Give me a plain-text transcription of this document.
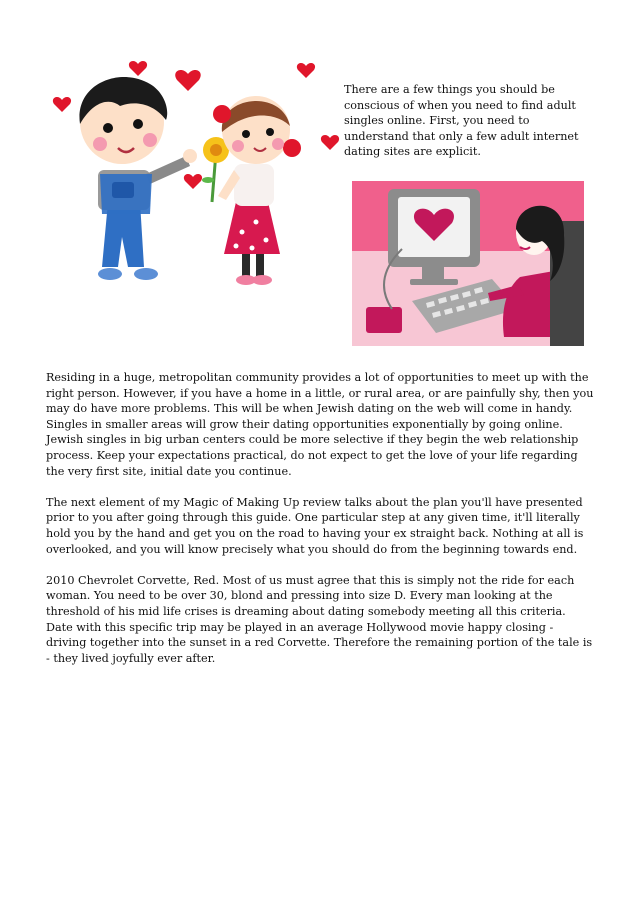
There are a few things you should be conscious of when you need to find adult singles online. First, you need to understand that only a few adult internet dating sites are explicit.

Residing in a huge, metropolitan community provides a lot of opportunities to meet up with the right person. However, if you have a home in a little, or rural area, or are painfully shy, then you may do have more problems. This will be when Jewish dating on the web will come in handy. Singles in smaller areas will grow their dating opportunities exponentially by going online. Jewish singles in big urban centers could be more selective if they begin the web relationship process. Keep your expectations practical, do not expect to get the love of your life regarding the very first site, initial date you continue.

The next element of my Magic of Making Up review talks about the plan you'll have presented prior to you after going through this guide. One particular step at any given time, it'll literally hold you by the hand and get you on the road to having your ex straight back. Nothing at all is overlooked, and you will know precisely what you should do from the beginning towards end.

2010 Chevrolet Corvette, Red. Most of us must agree that this is simply not the ride for each woman. You need to be over 30, blond and pressing into size D. Every man looking at the threshold of his mid life crises is dreaming about dating somebody meeting all this criteria. Date with this specific trip may be played in an average Hollywood movie happy closing - driving together into the sunset in a red Corvette. Therefore the remaining portion of the tale is - they lived joyfully ever after.
